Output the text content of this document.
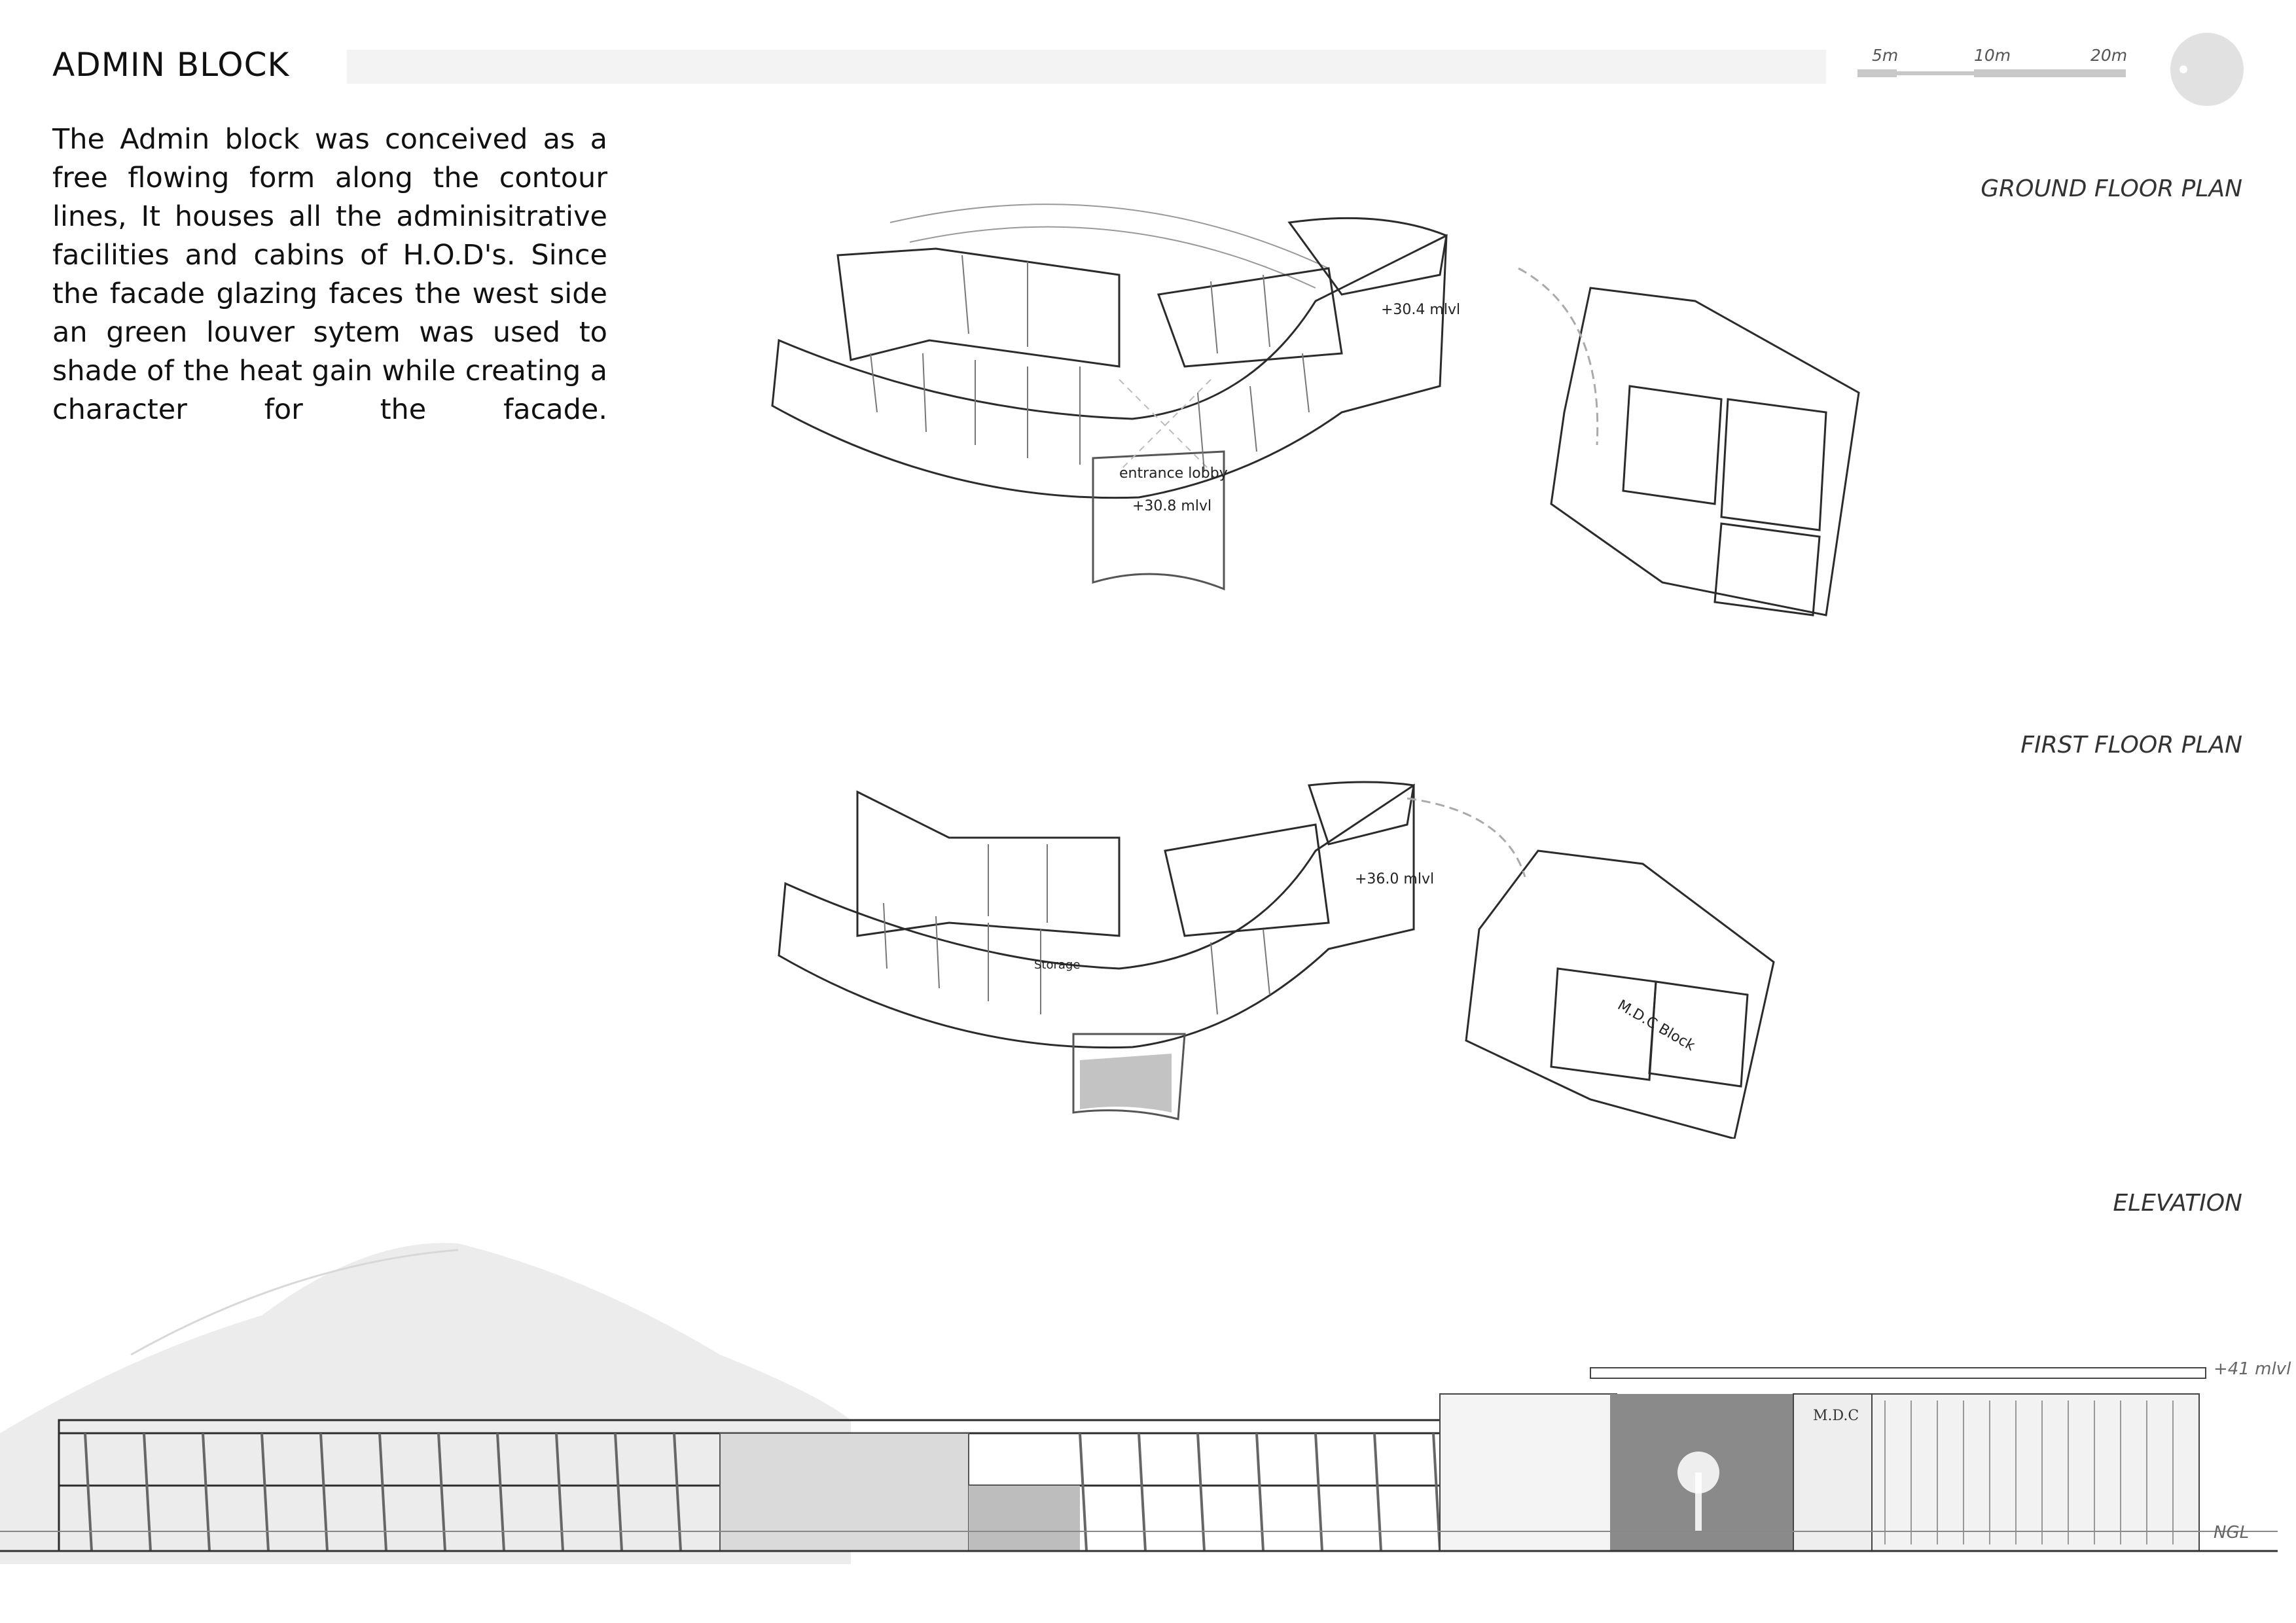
ADMIN BLOCK

The Admin block was conceived as a free flowing form along the contour lines, It houses all the adminisitrative facilities and cabins of H.O.D's. Since the facade glazing faces the west side an green louver sytem was used to shade of the heat gain while creating a character for the facade.

5m	10m	20m

GROUND FLOOR PLAN

entrance lobby
+30.8 mlvl
+30.4 mlvl

FIRST FLOOR PLAN

+36.0 mlvl
M.D.C Block
Storage

ELEVATION

M.D.C
+41 mlvl
NGL
